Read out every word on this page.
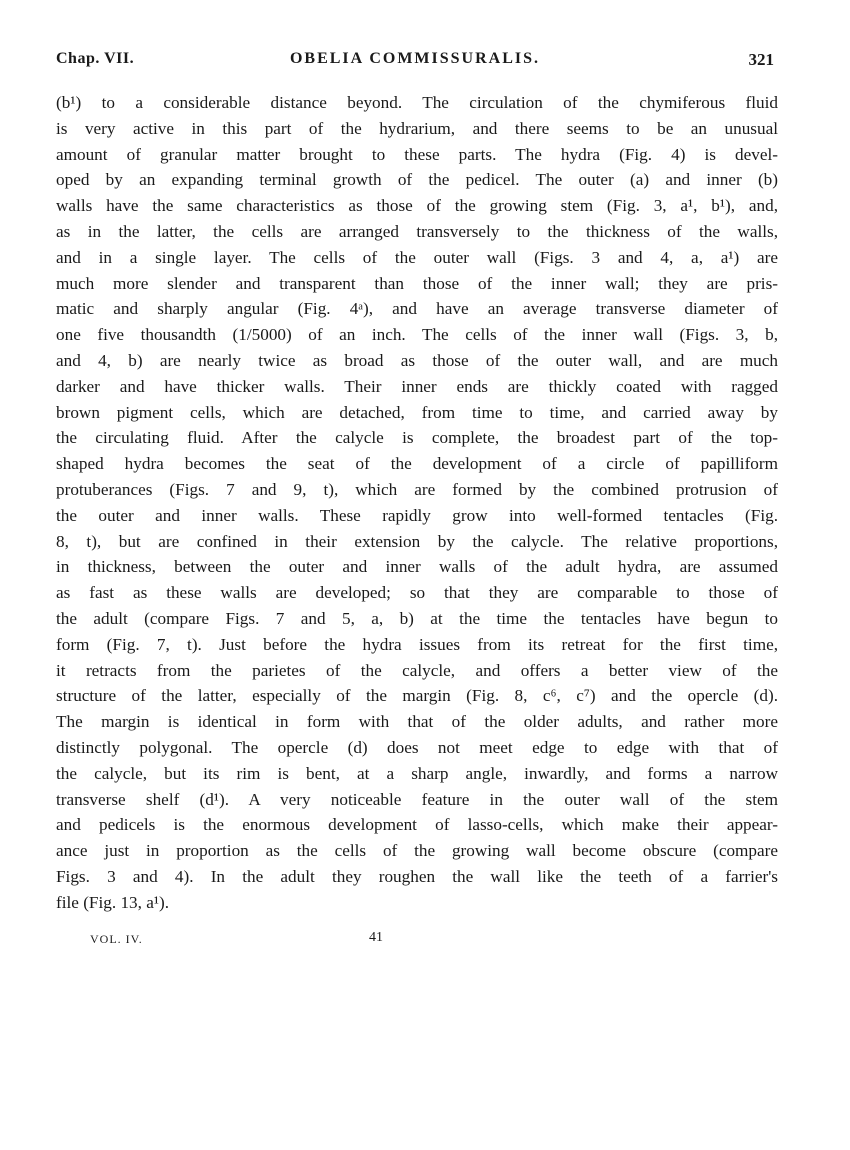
Chap. VII.	OBELIA COMMISSURALIS.	321
(b¹) to a considerable distance beyond. The circulation of the chymiferous fluid
is very active in this part of the hydrarium, and there seems to be an unusual
amount of granular matter brought to these parts. The hydra (Fig. 4) is devel-
oped by an expanding terminal growth of the pedicel. The outer (a) and inner (b)
walls have the same characteristics as those of the growing stem (Fig. 3, a¹, b¹), and,
as in the latter, the cells are arranged transversely to the thickness of the walls,
and in a single layer. The cells of the outer wall (Figs. 3 and 4, a, a¹) are
much more slender and transparent than those of the inner wall; they are pris-
matic and sharply angular (Fig. 4ᵃ), and have an average transverse diameter of
one five thousandth (1/5000) of an inch. The cells of the inner wall (Figs. 3, b,
and 4, b) are nearly twice as broad as those of the outer wall, and are much
darker and have thicker walls. Their inner ends are thickly coated with ragged
brown pigment cells, which are detached, from time to time, and carried away by
the circulating fluid. After the calycle is complete, the broadest part of the top-
shaped hydra becomes the seat of the development of a circle of papilliform
protuberances (Figs. 7 and 9, t), which are formed by the combined protrusion of
the outer and inner walls. These rapidly grow into well-formed tentacles (Fig.
8, t), but are confined in their extension by the calycle. The relative proportions,
in thickness, between the outer and inner walls of the adult hydra, are assumed
as fast as these walls are developed; so that they are comparable to those of
the adult (compare Figs. 7 and 5, a, b) at the time the tentacles have begun to
form (Fig. 7, t). Just before the hydra issues from its retreat for the first time,
it retracts from the parietes of the calycle, and offers a better view of the
structure of the latter, especially of the margin (Fig. 8, c⁶, c⁷) and the opercle (d).
The margin is identical in form with that of the older adults, and rather more
distinctly polygonal. The opercle (d) does not meet edge to edge with that of
the calycle, but its rim is bent, at a sharp angle, inwardly, and forms a narrow
transverse shelf (d¹). A very noticeable feature in the outer wall of the stem
and pedicels is the enormous development of lasso-cells, which make their appear-
ance just in proportion as the cells of the growing wall become obscure (compare
Figs. 3 and 4). In the adult they roughen the wall like the teeth of a farrier's
file (Fig. 13, a¹).
VOL. IV.	41
